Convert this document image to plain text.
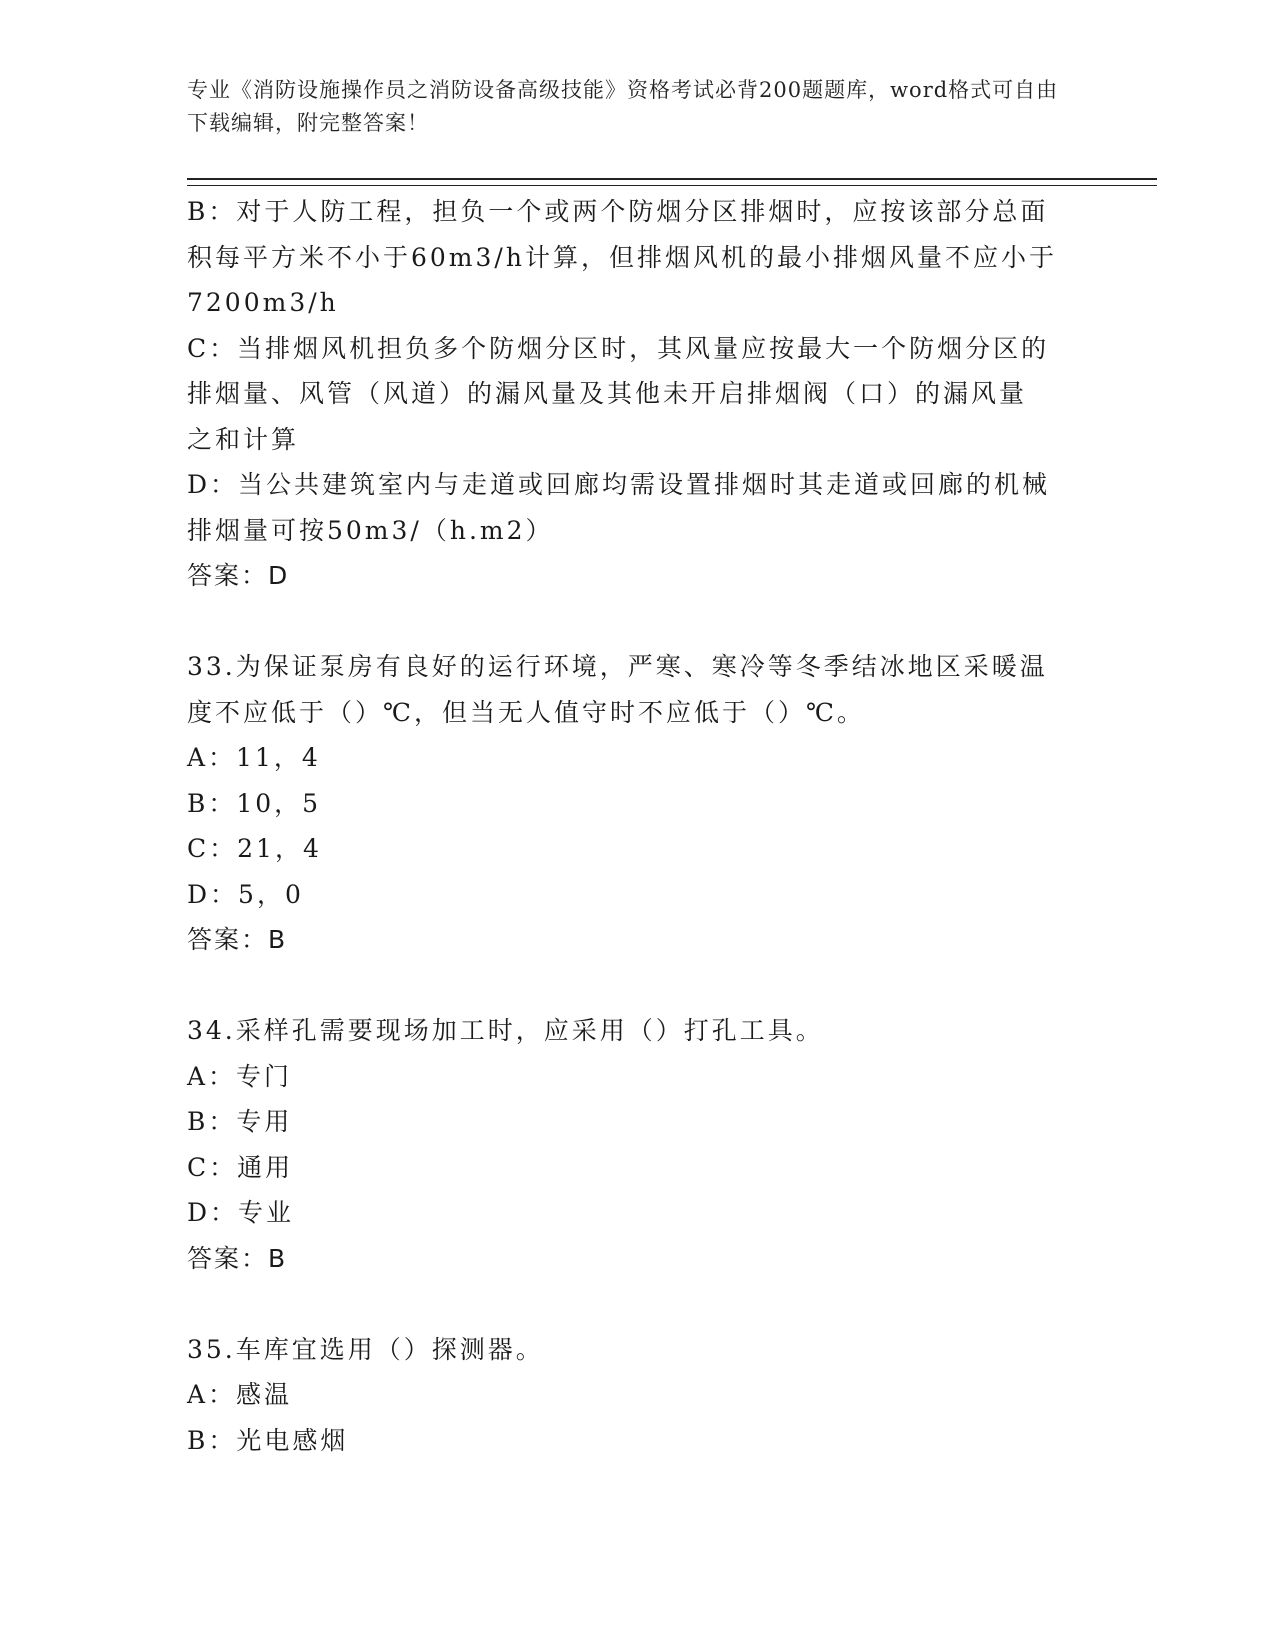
专业《消防设施操作员之消防设备高级技能》资格考试必背200题题库，word格式可自由下载编辑，附完整答案！

B：对于人防工程，担负一个或两个防烟分区排烟时，应按该部分总面

积每平方米不小于60m3/h计算，但排烟风机的最小排烟风量不应小于

7200m3/h

C：当排烟风机担负多个防烟分区时，其风量应按最大一个防烟分区的

排烟量、风管（风道）的漏风量及其他未开启排烟阀（口）的漏风量

之和计算

D：当公共建筑室内与走道或回廊均需设置排烟时其走道或回廊的机械

排烟量可按50m3/（h.m2）

答案：D

33.为保证泵房有良好的运行环境，严寒、寒冷等冬季结冰地区采暖温

度不应低于（）℃，但当无人值守时不应低于（）℃。

A：11，4

B：10，5

C：21，4

D：5，0

答案：B

34.采样孔需要现场加工时，应采用（）打孔工具。

A：专门

B：专用

C：通用

D：专业

答案：B

35.车库宜选用（）探测器。

A：感温

B：光电感烟
